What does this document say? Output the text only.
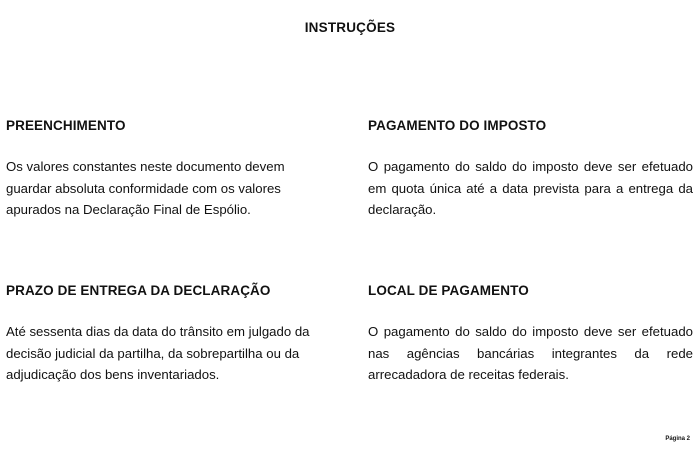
INSTRUÇÕES

PREENCHIMENTO

Os valores constantes neste documento devem guardar absoluta conformidade com os valores apurados na Declaração Final de Espólio.

PAGAMENTO DO IMPOSTO

O pagamento do saldo do imposto deve ser efetuado em quota única até a data prevista para a entrega da declaração.

PRAZO DE ENTREGA DA DECLARAÇÃO

Até sessenta dias da data do trânsito em julgado da decisão judicial da partilha, da sobrepartilha ou da adjudicação dos bens inventariados.

LOCAL DE PAGAMENTO

O pagamento do saldo do imposto deve ser efetuado nas agências bancárias integrantes da rede arrecadadora de receitas federais.

Página 2
